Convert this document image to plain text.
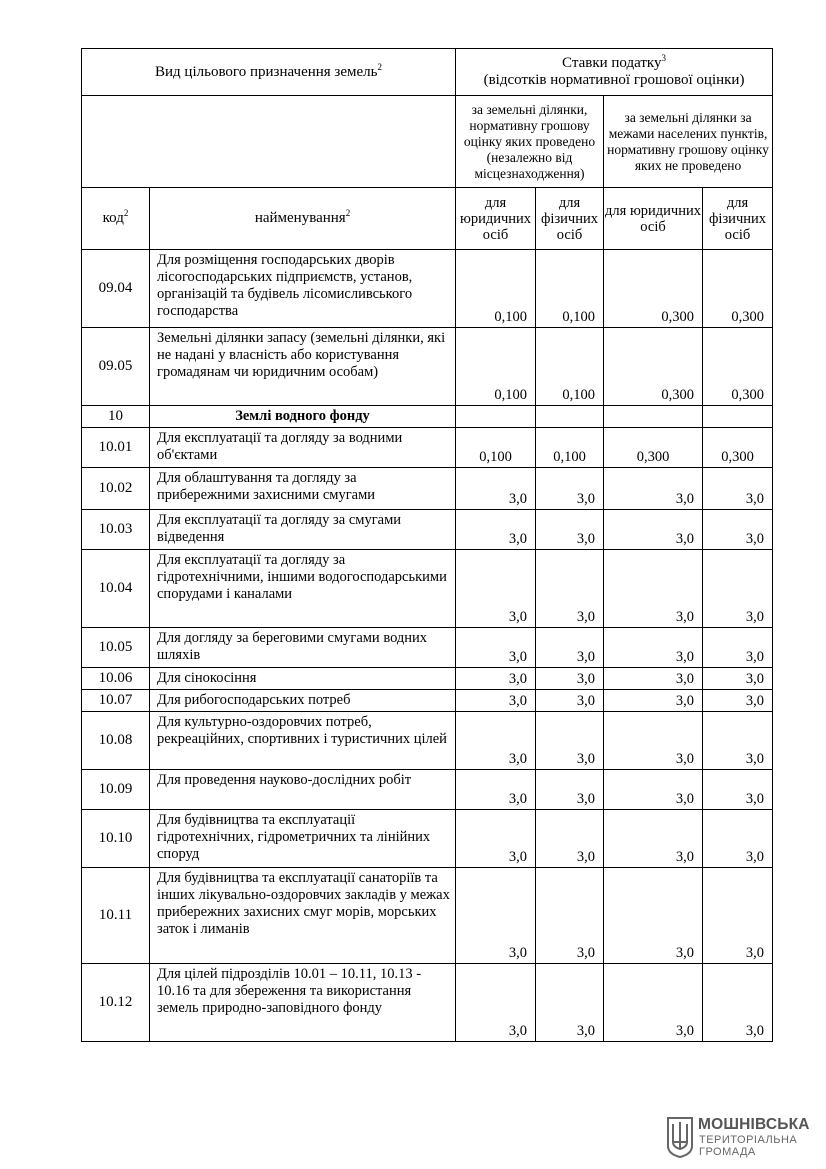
Вид цільового призначення земель$^2$		Ставки податку$^3$
(відсотків нормативної грошової оцінки)			
		за земельні ділянки, нормативну грошову оцінку яких проведено (незалежно від місцезнаходження)		за земельні ділянки за межами населених пунктів, нормативну грошову оцінку яких не проведено	
код$^2$	найменування$^2$	для юридичних осіб	для фізичних осіб	для юридичних осіб	для фізичних осіб
09.04	Для розміщення господарських дворів лісогосподарських підприємств, установ, організацій та будівель лісомисливського господарства	0,100	0,100	0,300	0,300
09.05	Земельні ділянки запасу (земельні ділянки, які не надані у власність або користування громадянам чи юридичним особам)	0,100	0,100	0,300	0,300
10	Землі водного фонду				
10.01	Для експлуатації та догляду за водними об'єктами	0,100	0,100	0,300	0,300
10.02	Для облаштування та догляду за прибережними захисними смугами	3,0	3,0	3,0	3,0
10.03	Для експлуатації та догляду за смугами відведення	3,0	3,0	3,0	3,0
10.04	Для експлуатації та догляду за гідротехнічними, іншими водогосподарськими спорудами і каналами	3,0	3,0	3,0	3,0
10.05	Для догляду за береговими смугами водних шляхів	3,0	3,0	3,0	3,0
10.06	Для сінокосіння	3,0	3,0	3,0	3,0
10.07	Для рибогосподарських потреб	3,0	3,0	3,0	3,0
10.08	Для культурно-оздоровчих потреб, рекреаційних, спортивних і туристичних цілей	3,0	3,0	3,0	3,0
10.09	Для проведення науково-дослідних робіт	3,0	3,0	3,0	3,0
10.10	Для будівництва та експлуатації гідротехнічних, гідрометричних та лінійних споруд	3,0	3,0	3,0	3,0
10.11	Для будівництва та експлуатації санаторіїв та інших лікувально-оздоровчих закладів у межах прибережних захисних смуг морів, морських заток і лиманів	3,0	3,0	3,0	3,0
10.12	Для цілей підрозділів 10.01 – 10.11, 10.13 - 10.16 та для збереження та використання земель природно-заповідного фонду	3,0	3,0	3,0	3,0
МОШНІВСЬКА
ТЕРИТОРІАЛЬНА
ГРОМАДА
